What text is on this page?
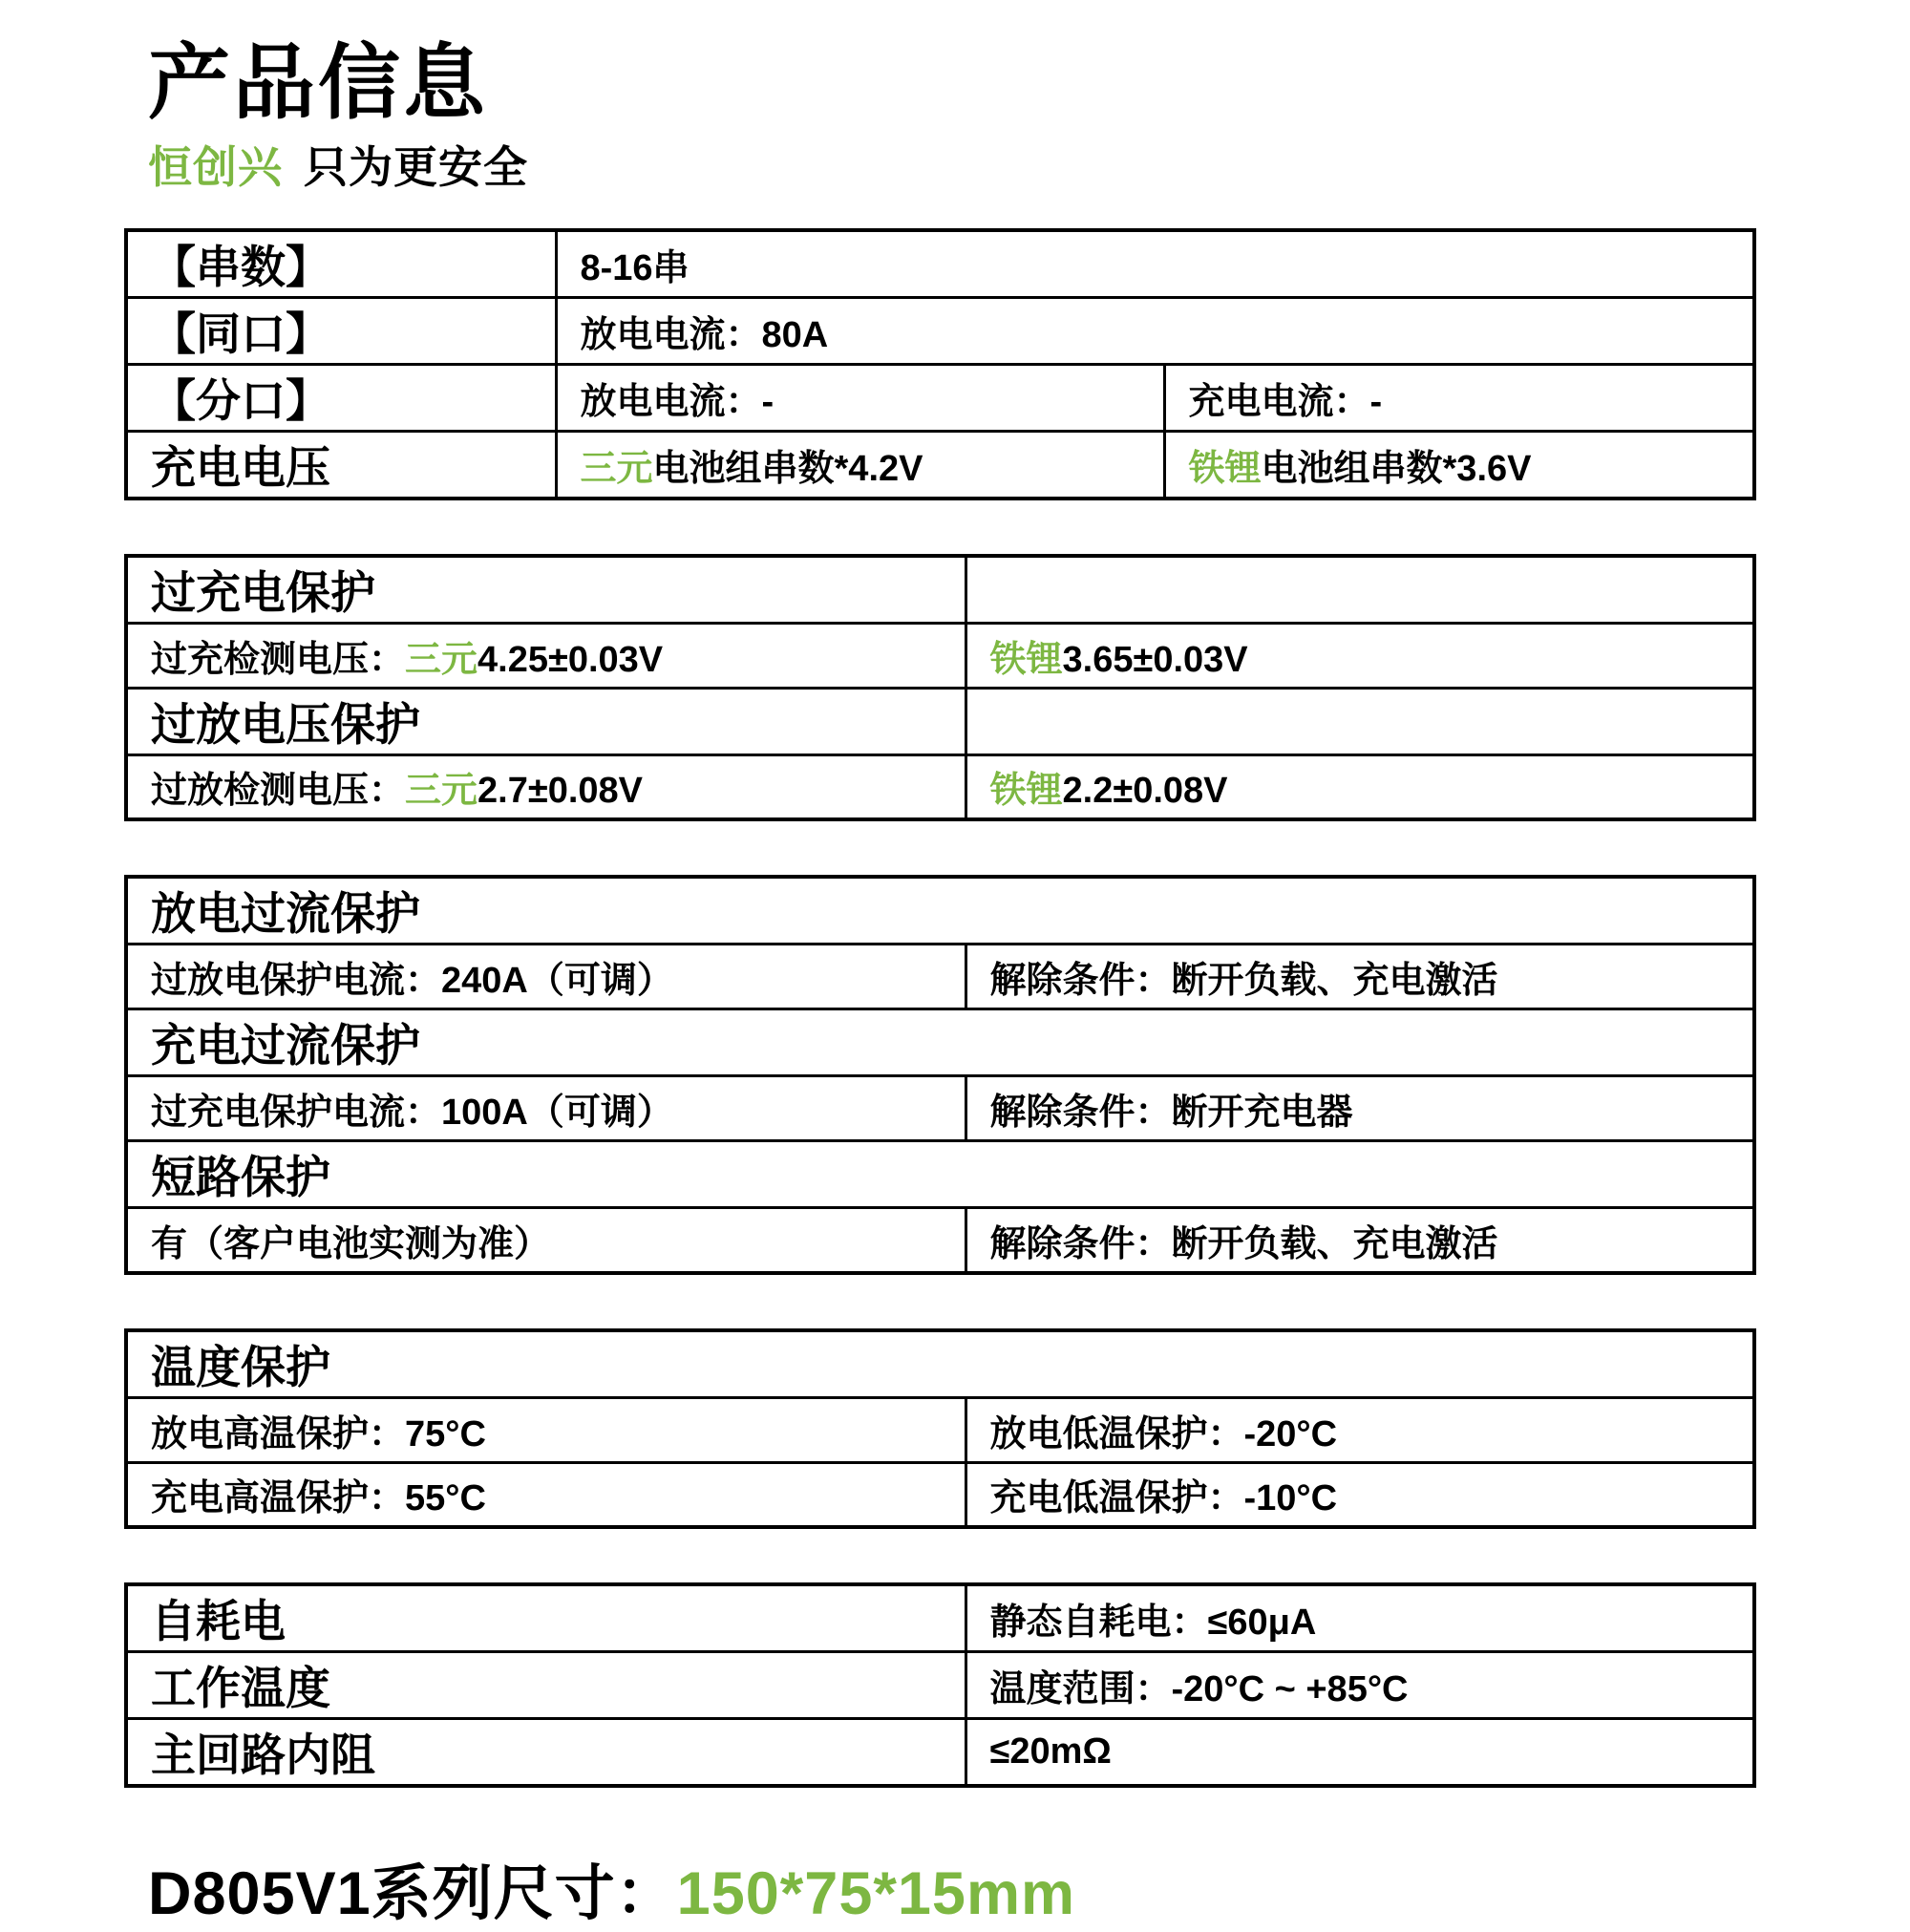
产品信息
恒创兴 只为更安全
【串数】	8-16串	
【同口】	放电电流：80A	
【分口】	放电电流：-	充电电流：-
充电电压	三元电池组串数*4.2V	铁锂电池组串数*3.6V
过充电保护	
过充检测电压：三元4.25±0.03V	铁锂3.65±0.03V
过放电压保护	
过放检测电压：三元2.7±0.08V	铁锂2.2±0.08V
放电过流保护	
过放电保护电流：240A（可调）	解除条件：断开负载、充电激活
充电过流保护	
过充电保护电流：100A（可调）	解除条件：断开充电器
短路保护	
有（客户电池实测为准）	解除条件：断开负载、充电激活
温度保护	
放电高温保护：75°C	放电低温保护：-20°C
充电高温保护：55°C	充电低温保护：-10°C
自耗电	静态自耗电：≤60μA
工作温度	温度范围：-20°C ~ +85°C
主回路内阻	≤20mΩ
D805V1系列尺寸：150*75*15mm
